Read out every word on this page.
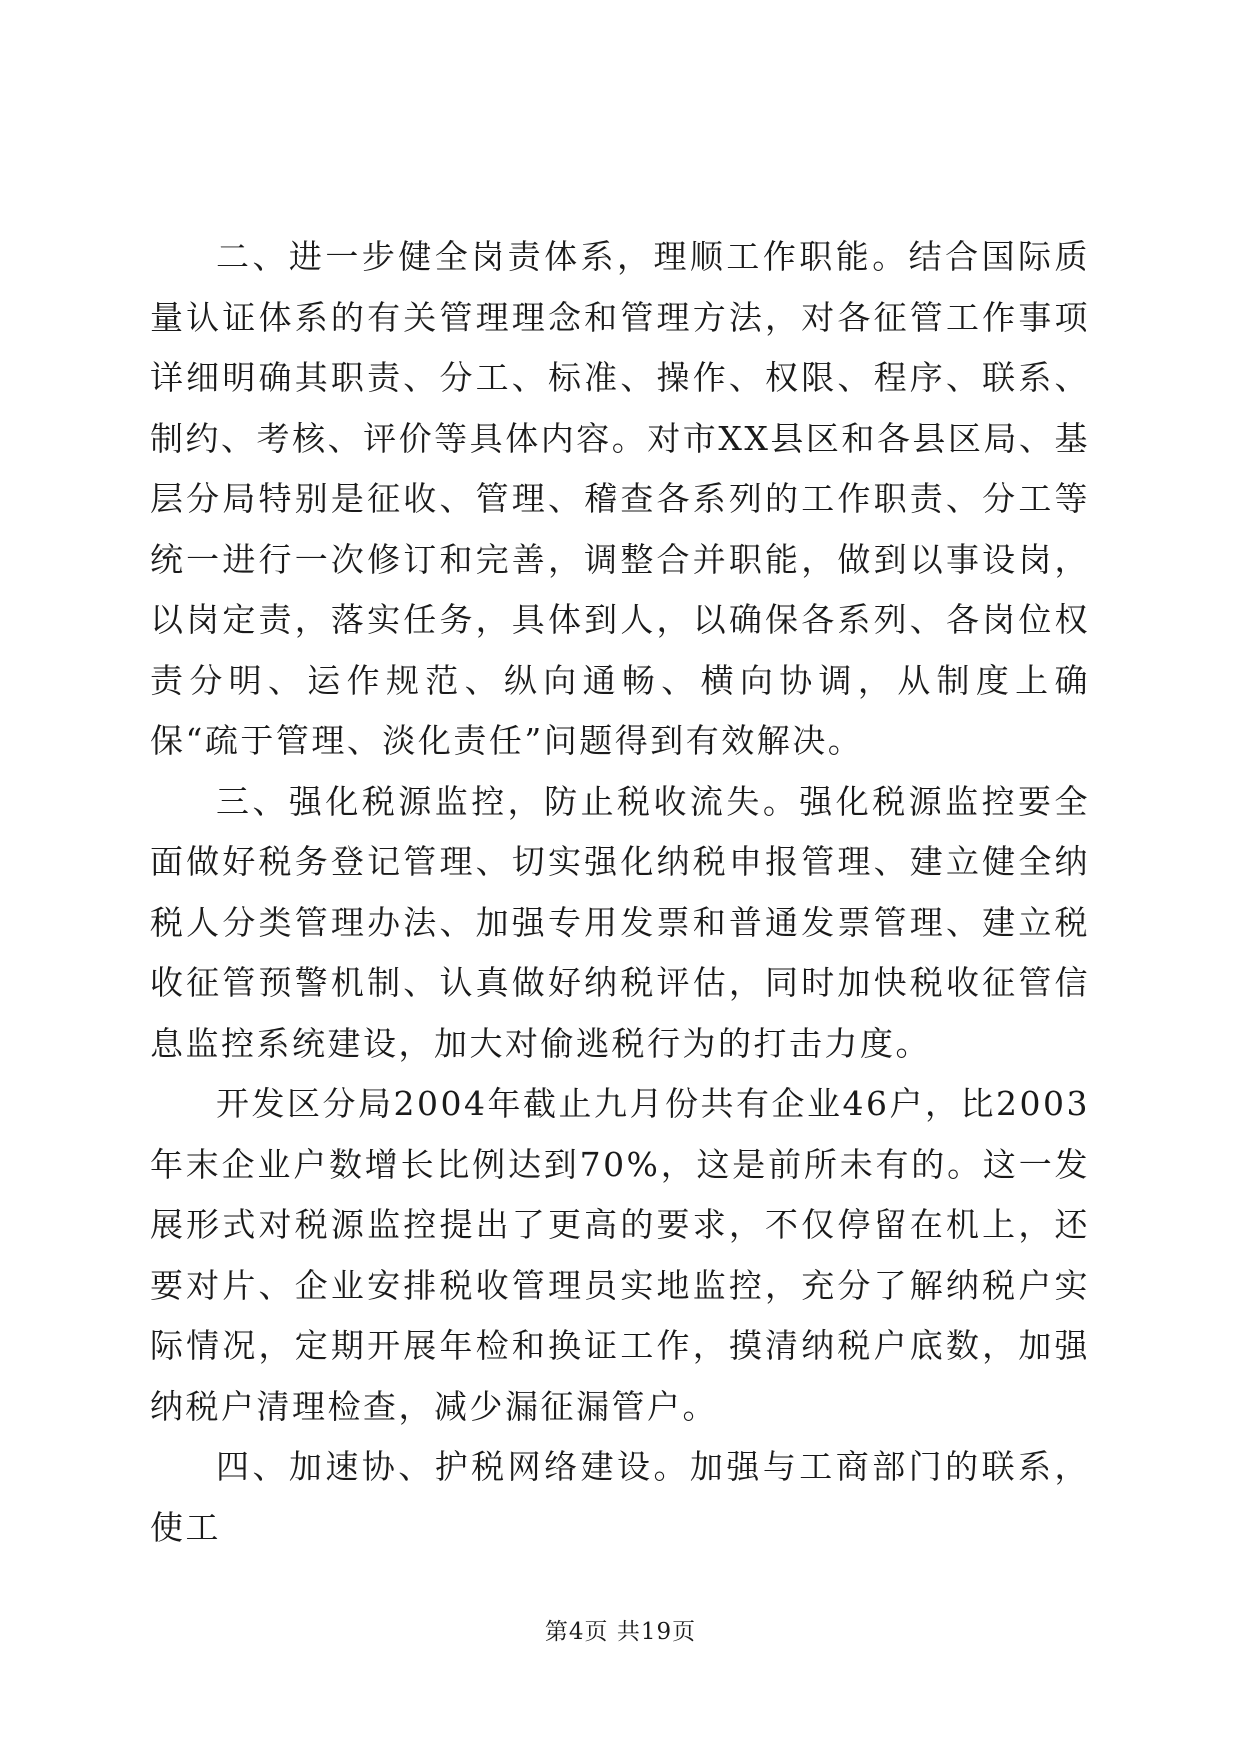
二、进一步健全岗责体系，理顺工作职能。结合国际质量认证体系的有关管理理念和管理方法，对各征管工作事项详细明确其职责、分工、标准、操作、权限、程序、联系、制约、考核、评价等具体内容。对市XX县区和各县区局、基层分局特别是征收、管理、稽查各系列的工作职责、分工等统一进行一次修订和完善，调整合并职能，做到以事设岗，以岗定责，落实任务，具体到人，以确保各系列、各岗位权责分明、运作规范、纵向通畅、横向协调，从制度上确保“疏于管理、淡化责任”问题得到有效解决。

三、强化税源监控，防止税收流失。强化税源监控要全面做好税务登记管理、切实强化纳税申报管理、建立健全纳税人分类管理办法、加强专用发票和普通发票管理、建立税收征管预警机制、认真做好纳税评估，同时加快税收征管信息监控系统建设，加大对偷逃税行为的打击力度。

开发区分局2004年截止九月份共有企业46户，比2003年末企业户数增长比例达到70%，这是前所未有的。这一发展形式对税源监控提出了更高的要求，不仅停留在机上，还要对片、企业安排税收管理员实地监控，充分了解纳税户实际情况，定期开展年检和换证工作，摸清纳税户底数，加强纳税户清理检查，减少漏征漏管户。

四、加速协、护税网络建设。加强与工商部门的联系，使工

第4页 共19页
